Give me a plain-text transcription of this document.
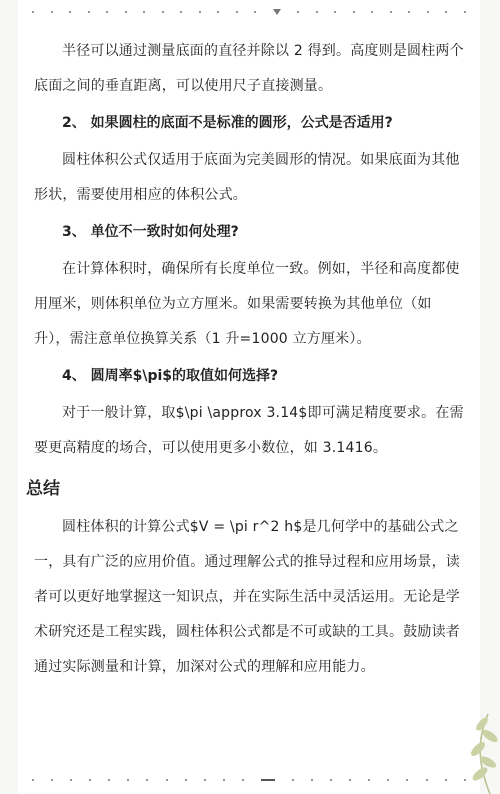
半径可以通过测量底面的直径并除以 2 得到。高度则是圆柱两个底面之间的垂直距离，可以使用尺子直接测量。

2、 如果圆柱的底面不是标准的圆形，公式是否适用?

圆柱体积公式仅适用于底面为完美圆形的情况。如果底面为其他形状，需要使用相应的体积公式。

3、 单位不一致时如何处理?

在计算体积时，确保所有长度单位一致。例如，半径和高度都使用厘米，则体积单位为立方厘米。如果需要转换为其他单位（如升），需注意单位换算关系（1 升=1000 立方厘米）。

4、 圆周率$\pi$的取值如何选择?

对于一般计算，取$\pi \approx 3.14$即可满足精度要求。在需要更高精度的场合，可以使用更多小数位，如 3.1416。

总结

圆柱体积的计算公式$V = \pi r^2 h$是几何学中的基础公式之一，具有广泛的应用价值。通过理解公式的推导过程和应用场景，读者可以更好地掌握这一知识点，并在实际生活中灵活运用。无论是学术研究还是工程实践，圆柱体积公式都是不可或缺的工具。鼓励读者通过实际测量和计算，加深对公式的理解和应用能力。
